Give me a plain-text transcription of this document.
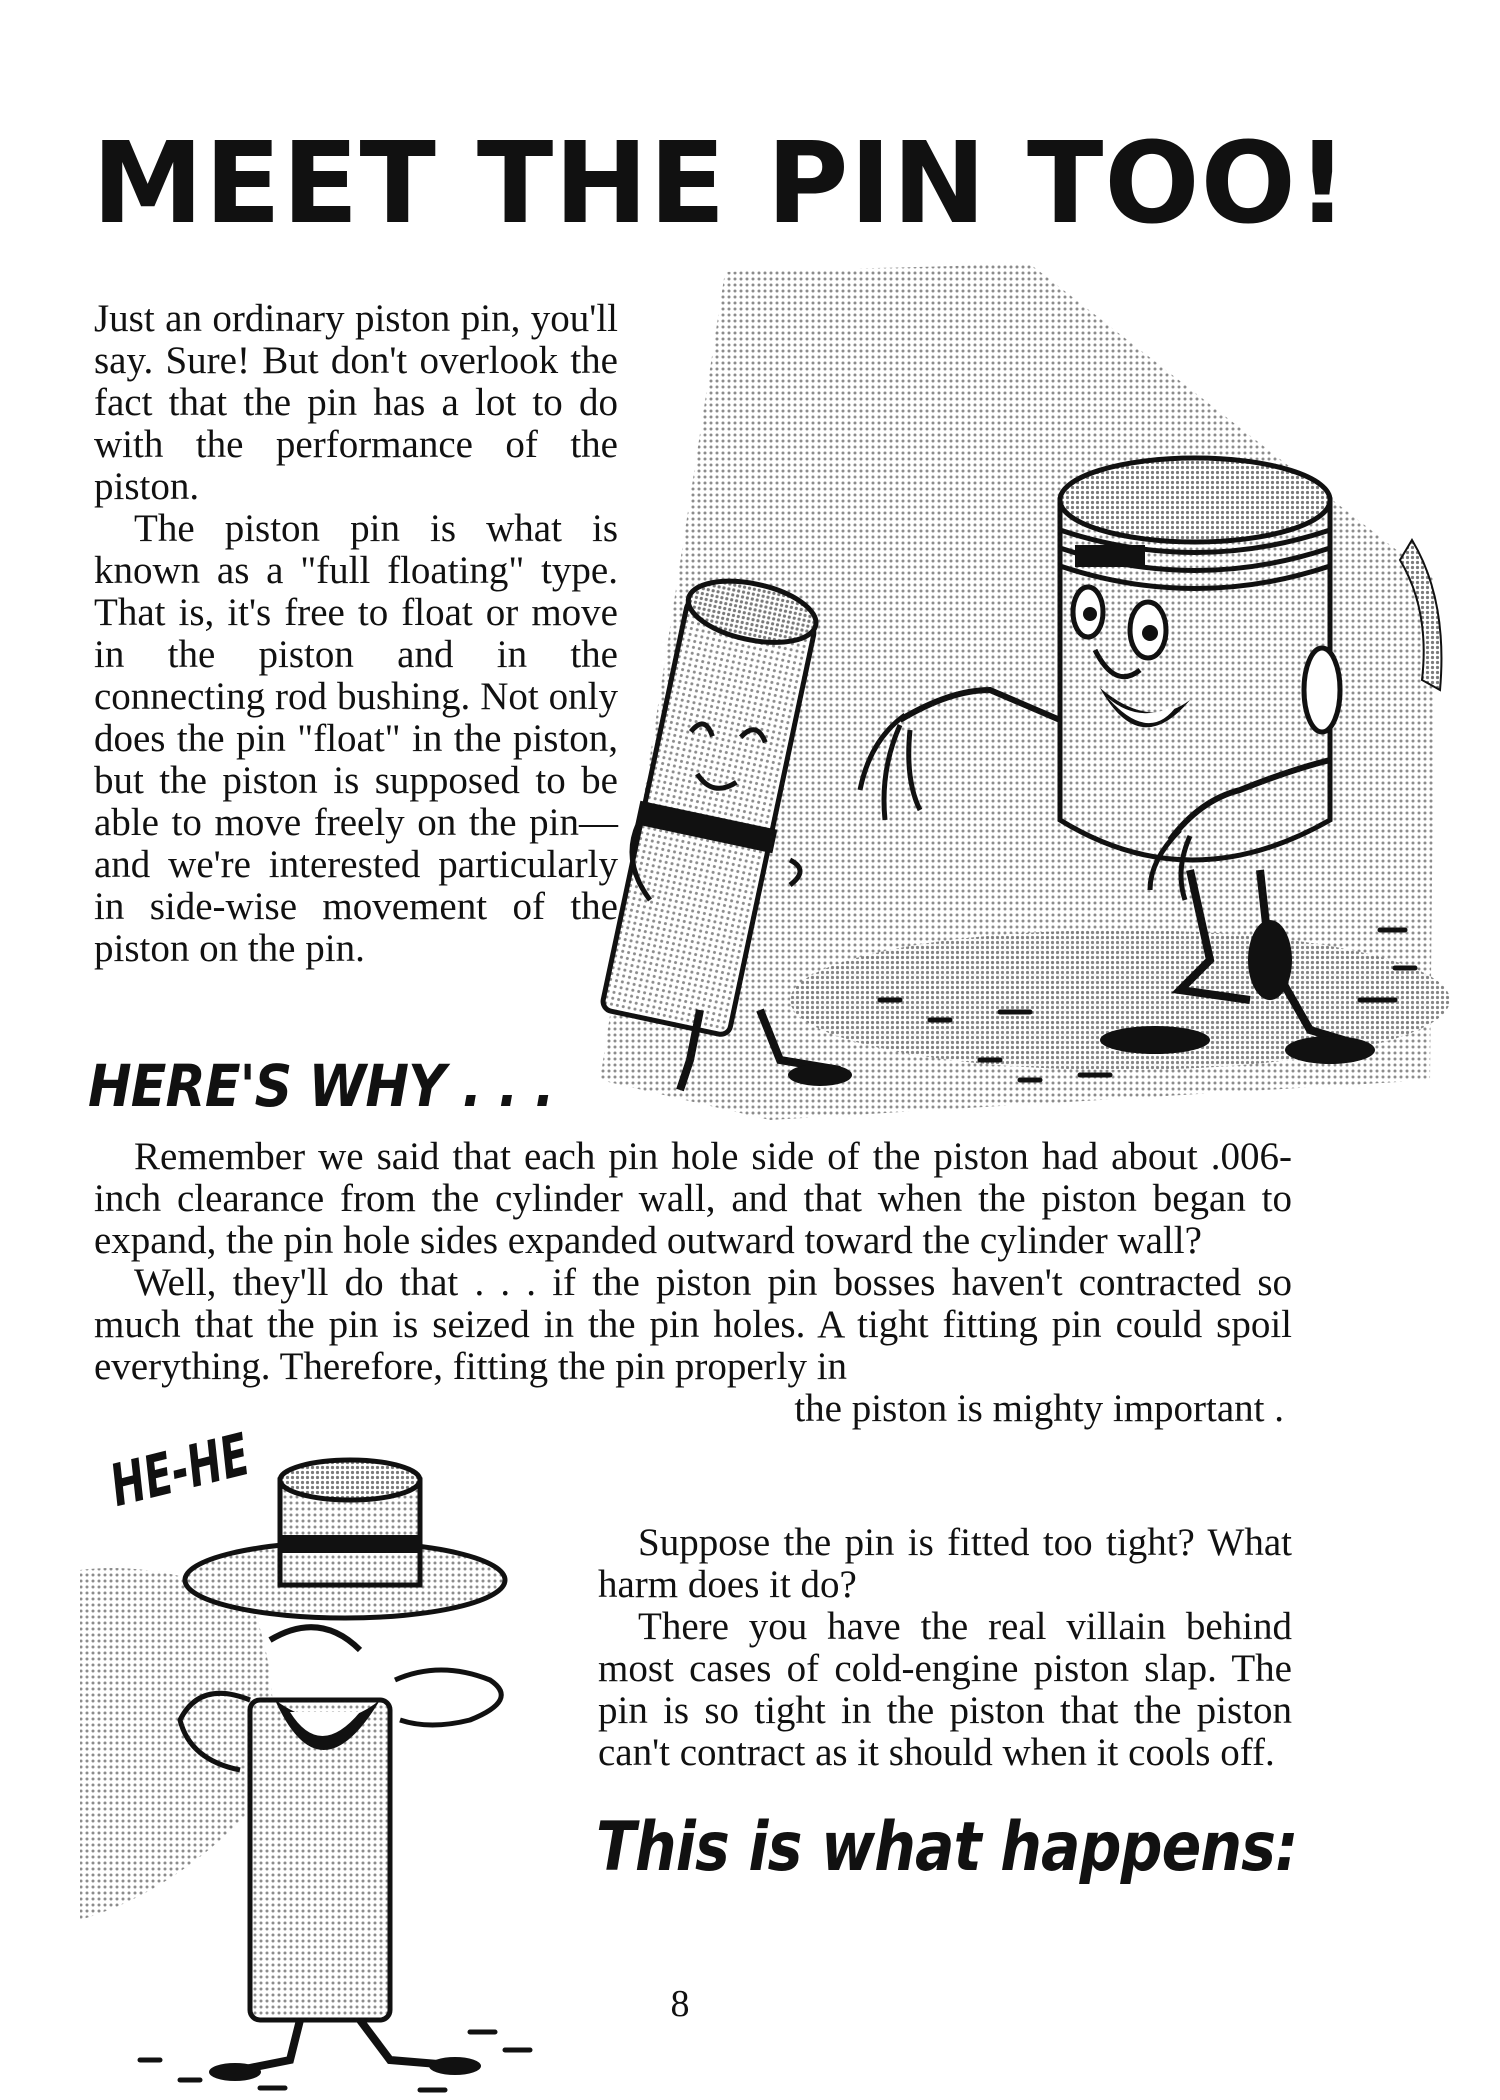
MEET THE PIN TOO!

Just an ordinary piston pin, you'll say. Sure! But don't overlook the fact that the pin has a lot to do with the performance of the piston.

The piston pin is what is known as a "full floating" type. That is, it's free to float or move in the piston and in the connecting rod bushing. Not only does the pin "float" in the piston, but the piston is supposed to be able to move freely on the pin—and we're interested particularly in side-wise movement of the piston on the pin.

HERE'S WHY . . .

Remember we said that each pin hole side of the piston had about .006-inch clearance from the cylinder wall, and that when the piston began to expand, the pin hole sides expanded outward toward the cylinder wall?

Well, they'll do that . . . if the piston pin bosses haven't contracted so much that the pin is seized in the pin holes. A tight fitting pin could spoil everything. Therefore, fitting the pin properly in

the piston is mighty important .

HE-HE

Suppose the pin is fitted too tight? What harm does it do?

There you have the real villain behind most cases of cold-engine piston slap. The pin is so tight in the piston that the piston can't contract as it should when it cools off.

This is what happens:
8
